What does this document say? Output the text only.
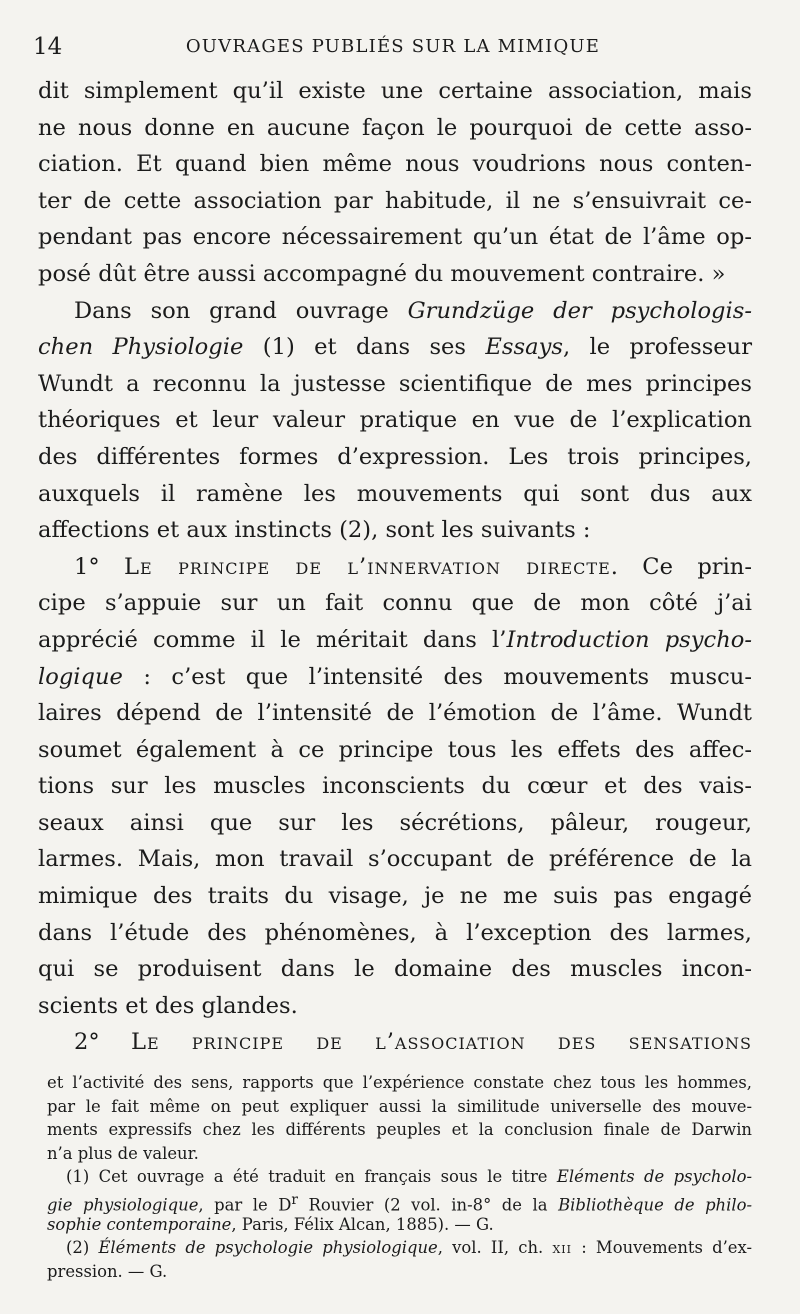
14	OUVRAGES PUBLIÉS SUR LA MIMIQUE
dit simplement qu’il existe une certaine association, mais
ne nous donne en aucune façon le pourquoi de cette asso-
ciation. Et quand bien même nous voudrions nous conten-
ter de cette association par habitude, il ne s’ensuivrait ce-
pendant pas encore nécessairement qu’un état de l’âme op-
posé dût être aussi accompagné du mouvement contraire. »
Dans son grand ouvrage Grundzüge der psychologis-
chen Physiologie (1) et dans ses Essays, le professeur
Wundt a reconnu la justesse scientifique de mes principes
théoriques et leur valeur pratique en vue de l’explication
des différentes formes d’expression. Les trois principes,
auxquels il ramène les mouvements qui sont dus aux
affections et aux instincts (2), sont les suivants :
1° Le principe de l’innervation directe. Ce prin-
cipe s’appuie sur un fait connu que de mon côté j’ai
apprécié comme il le méritait dans l’Introduction psycho-
logique : c’est que l’intensité des mouvements muscu-
laires dépend de l’intensité de l’émotion de l’âme. Wundt
soumet également à ce principe tous les effets des affec-
tions sur les muscles inconscients du cœur et des vais-
seaux ainsi que sur les sécrétions, pâleur, rougeur,
larmes. Mais, mon travail s’occupant de préférence de la
mimique des traits du visage, je ne me suis pas engagé
dans l’étude des phénomènes, à l’exception des larmes,
qui se produisent dans le domaine des muscles incon-
scients et des glandes.
2° Le principe de l’association des sensations
et l’activité des sens, rapports que l’expérience constate chez tous les hommes,
par le fait même on peut expliquer aussi la similitude universelle des mouve-
ments expressifs chez les différents peuples et la conclusion finale de Darwin
n’a plus de valeur.
(1) Cet ouvrage a été traduit en français sous le titre Eléments de psycholo-
gie physiologique, par le $D^r$ Rouvier (2 vol. in-8° de la Bibliothèque de philo-
sophie contemporaine, Paris, Félix Alcan, 1885). — G.
(2) Éléments de psychologie physiologique, vol. II, ch. xii : Mouvements d’ex-
pression. — G.
